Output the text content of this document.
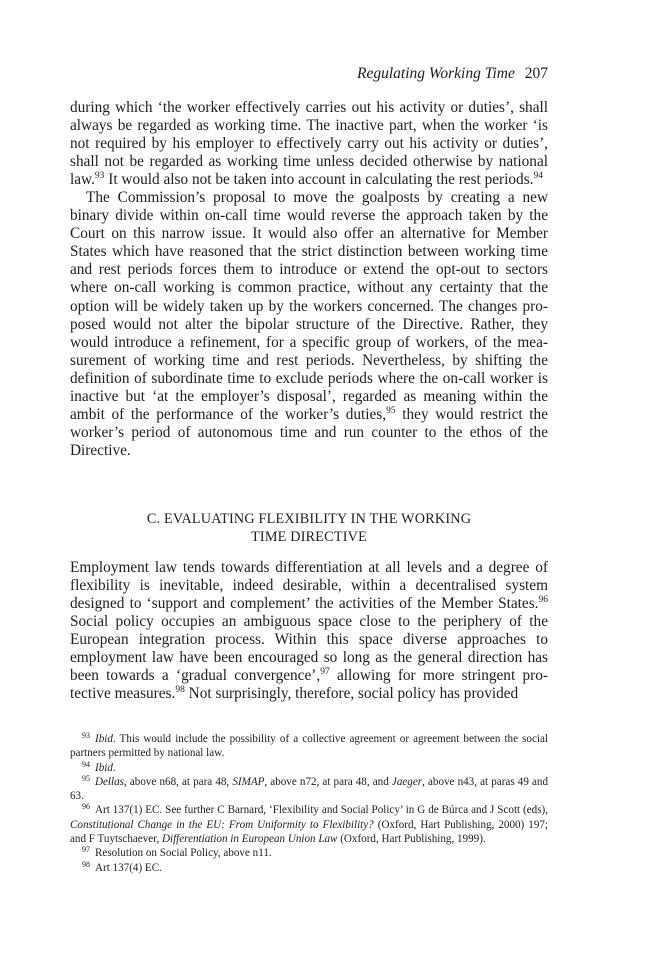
Regulating Working Time 207

during which ‘the worker effectively carries out his activity or duties’, shall always be regarded as working time. The inactive part, when the worker ‘is not required by his employer to effectively carry out his activity or duties’, shall not be regarded as working time unless decided otherwise by national law.$^{93}$ It would also not be taken into account in calculating the rest periods.$^{94}$

The Commission’s proposal to move the goalposts by creating a new binary divide within on-call time would reverse the approach taken by the Court on this narrow issue. It would also offer an alternative for Member States which have reasoned that the strict distinction between working time and rest periods forces them to introduce or extend the opt-out to sectors where on-call working is common practice, without any certainty that the option will be widely taken up by the workers concerned. The changes proposed would not alter the bipolar structure of the Directive. Rather, they would introduce a refinement, for a specific group of workers, of the measurement of working time and rest periods. Nevertheless, by shifting the definition of subordinate time to exclude periods where the on-call worker is inactive but ‘at the employer’s disposal’, regarded as meaning within the ambit of the performance of the worker’s duties,$^{95}$ they would restrict the worker’s period of autonomous time and run counter to the ethos of the Directive.

C. EVALUATING FLEXIBILITY IN THE WORKING
TIME DIRECTIVE

Employment law tends towards differentiation at all levels and a degree of flexibility is inevitable, indeed desirable, within a decentralised system designed to ‘support and complement’ the activities of the Member States.$^{96}$ Social policy occupies an ambiguous space close to the periphery of the European integration process. Within this space diverse approaches to employment law have been encouraged so long as the general direction has been towards a ‘gradual convergence’,$^{97}$ allowing for more stringent protective measures.$^{98}$ Not surprisingly, therefore, social policy has provided

$^{93}$ Ibid. This would include the possibility of a collective agreement or agreement between the social partners permitted by national law.

$^{94}$ Ibid.

$^{95}$ Dellas, above n68, at para 48, SIMAP, above n72, at para 48, and Jaeger, above n43, at paras 49 and 63.

$^{96}$ Art 137(1) EC. See further C Barnard, ‘Flexibility and Social Policy’ in G de Búrca and J Scott (eds), Constitutional Change in the EU: From Uniformity to Flexibility? (Oxford, Hart Publishing, 2000) 197; and F Tuytschaever, Differentiation in European Union Law (Oxford, Hart Publishing, 1999).

$^{97}$ Resolution on Social Policy, above n11.

$^{98}$ Art 137(4) EC.
